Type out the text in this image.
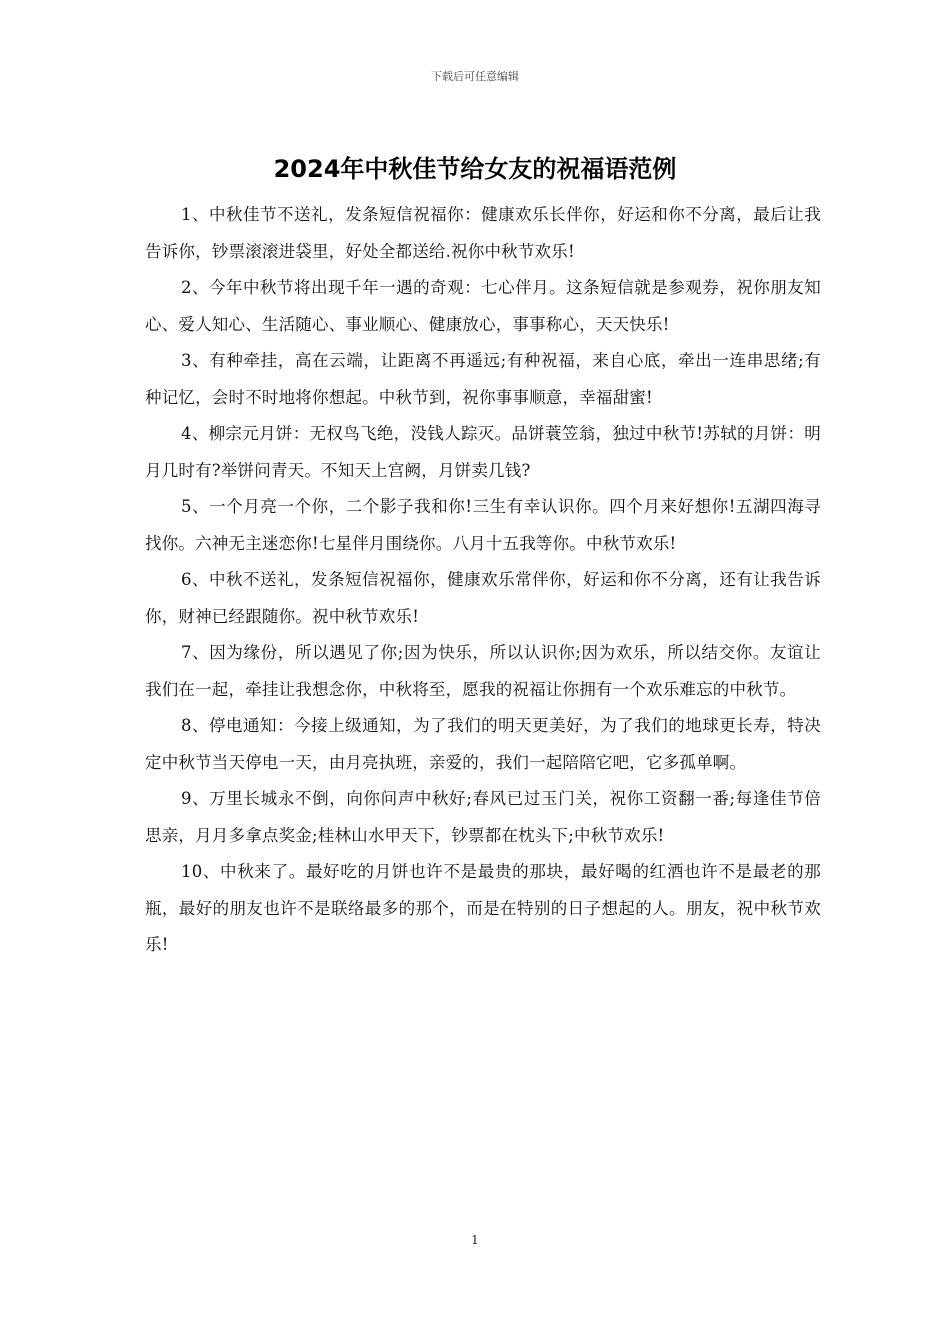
下载后可任意编辑
2024年中秋佳节给女友的祝福语范例

1、中秋佳节不送礼，发条短信祝福你：健康欢乐长伴你，好运和你不分离，最后让我告诉你，钞票滚滚进袋里，好处全都送给.祝你中秋节欢乐!

2、今年中秋节将出现千年一遇的奇观：七心伴月。这条短信就是参观券，祝你朋友知心、爱人知心、生活随心、事业顺心、健康放心，事事称心，天天快乐!

3、有种牵挂，高在云端，让距离不再遥远;有种祝福，来自心底，牵出一连串思绪;有种记忆，会时不时地将你想起。中秋节到，祝你事事顺意，幸福甜蜜!

4、柳宗元月饼：无权鸟飞绝，没钱人踪灭。品饼蓑笠翁，独过中秋节!苏轼的月饼：明月几时有?举饼问青天。不知天上宫阙，月饼卖几钱?

5、一个月亮一个你，二个影子我和你!三生有幸认识你。四个月来好想你!五湖四海寻找你。六神无主迷恋你!七星伴月围绕你。八月十五我等你。中秋节欢乐!

6、中秋不送礼，发条短信祝福你，健康欢乐常伴你，好运和你不分离，还有让我告诉你，财神已经跟随你。祝中秋节欢乐!

7、因为缘份，所以遇见了你;因为快乐，所以认识你;因为欢乐，所以结交你。友谊让我们在一起，牵挂让我想念你，中秋将至，愿我的祝福让你拥有一个欢乐难忘的中秋节。

8、停电通知：今接上级通知，为了我们的明天更美好，为了我们的地球更长寿，特决定中秋节当天停电一天，由月亮执班，亲爱的，我们一起陪陪它吧，它多孤单啊。

9、万里长城永不倒，向你问声中秋好;春风已过玉门关，祝你工资翻一番;每逢佳节倍思亲，月月多拿点奖金;桂林山水甲天下，钞票都在枕头下;中秋节欢乐!

10、中秋来了。最好吃的月饼也许不是最贵的那块，最好喝的红酒也许不是最老的那瓶，最好的朋友也许不是联络最多的那个，而是在特别的日子想起的人。朋友，祝中秋节欢乐!

1
